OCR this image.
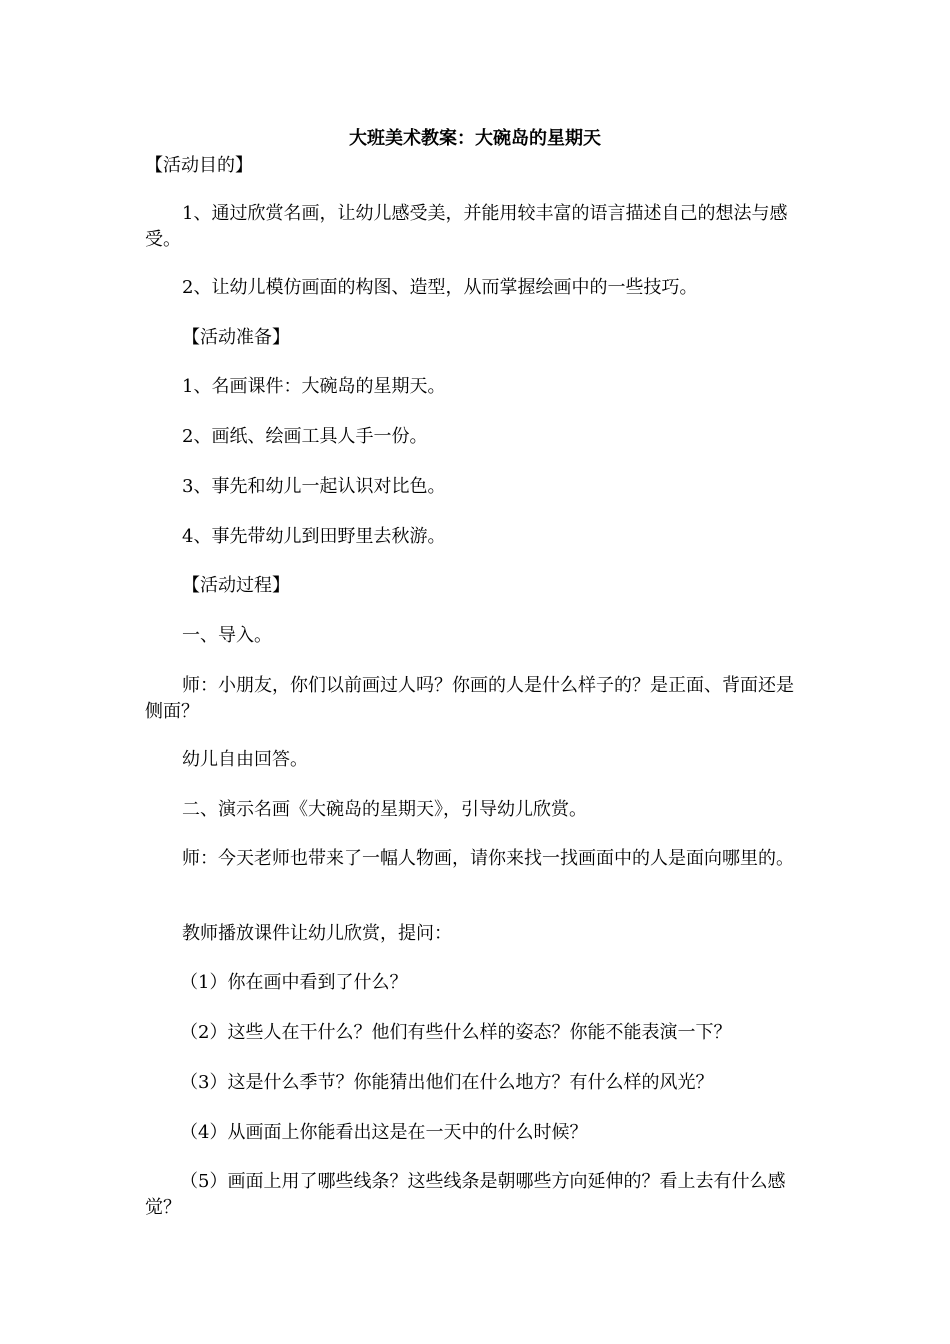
大班美术教案：大碗岛的星期天
【活动目的】
1、通过欣赏名画，让幼儿感受美，并能用较丰富的语言描述自己的想法与感受。
2、让幼儿模仿画面的构图、造型，从而掌握绘画中的一些技巧。
【活动准备】
1、名画课件：大碗岛的星期天。
2、画纸、绘画工具人手一份。
3、事先和幼儿一起认识对比色。
4、事先带幼儿到田野里去秋游。
【活动过程】
一、导入。
师：小朋友，你们以前画过人吗？你画的人是什么样子的？是正面、背面还是侧面？
幼儿自由回答。
二、演示名画《大碗岛的星期天》，引导幼儿欣赏。
师：今天老师也带来了一幅人物画，请你来找一找画面中的人是面向哪里的。
教师播放课件让幼儿欣赏，提问：
（1）你在画中看到了什么？
（2）这些人在干什么？他们有些什么样的姿态？你能不能表演一下？
（3）这是什么季节？你能猜出他们在什么地方？有什么样的风光？
（4）从画面上你能看出这是在一天中的什么时候？
（5）画面上用了哪些线条？这些线条是朝哪些方向延伸的？看上去有什么感觉？
